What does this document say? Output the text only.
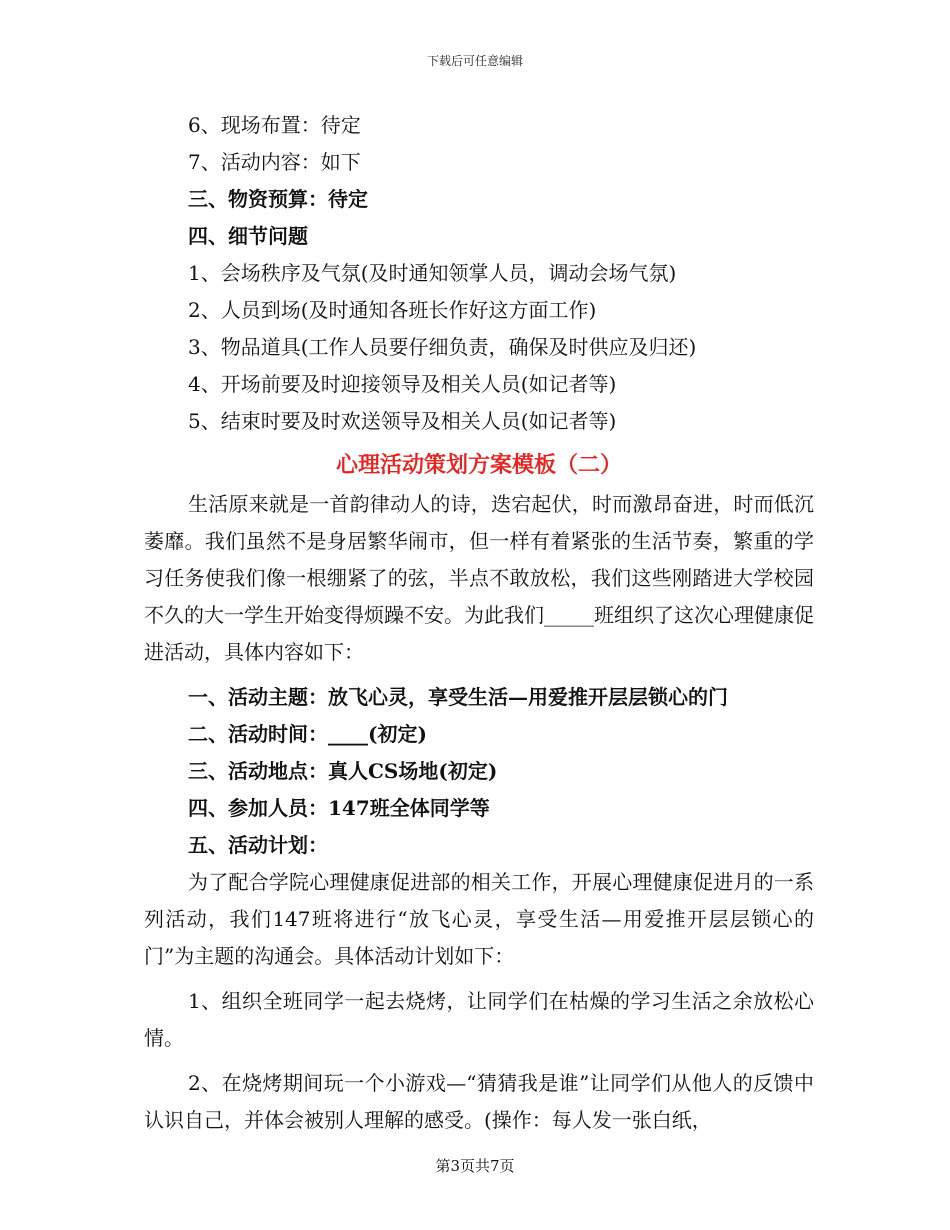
下载后可任意编辑
6、现场布置：待定
7、活动内容：如下
三、物资预算：待定
四、细节问题
1、会场秩序及气氛(及时通知领掌人员，调动会场气氛)
2、人员到场(及时通知各班长作好这方面工作)
3、物品道具(工作人员要仔细负责，确保及时供应及归还)
4、开场前要及时迎接领导及相关人员(如记者等)
5、结束时要及时欢送领导及相关人员(如记者等)
心理活动策划方案模板（二）

生活原来就是一首韵律动人的诗，迭宕起伏，时而激昂奋进，时而低沉萎靡。我们虽然不是身居繁华闹市，但一样有着紧张的生活节奏，繁重的学习任务使我们像一根绷紧了的弦，半点不敢放松，我们这些刚踏进大学校园不久的大一学生开始变得烦躁不安。为此我们_____班组织了这次心理健康促进活动，具体内容如下：

一、活动主题：放飞心灵，享受生活—用爱推开层层锁心的门
二、活动时间：____(初定)
三、活动地点：真人CS场地(初定)
四、参加人员：147班全体同学等
五、活动计划：

为了配合学院心理健康促进部的相关工作，开展心理健康促进月的一系列活动，我们147班将进行“放飞心灵，享受生活—用爱推开层层锁心的门”为主题的沟通会。具体活动计划如下：

1、组织全班同学一起去烧烤，让同学们在枯燥的学习生活之余放松心情。

2、在烧烤期间玩一个小游戏—“猜猜我是谁”让同学们从他人的反馈中认识自己，并体会被别人理解的感受。(操作：每人发一张白纸，

第3页共7页
